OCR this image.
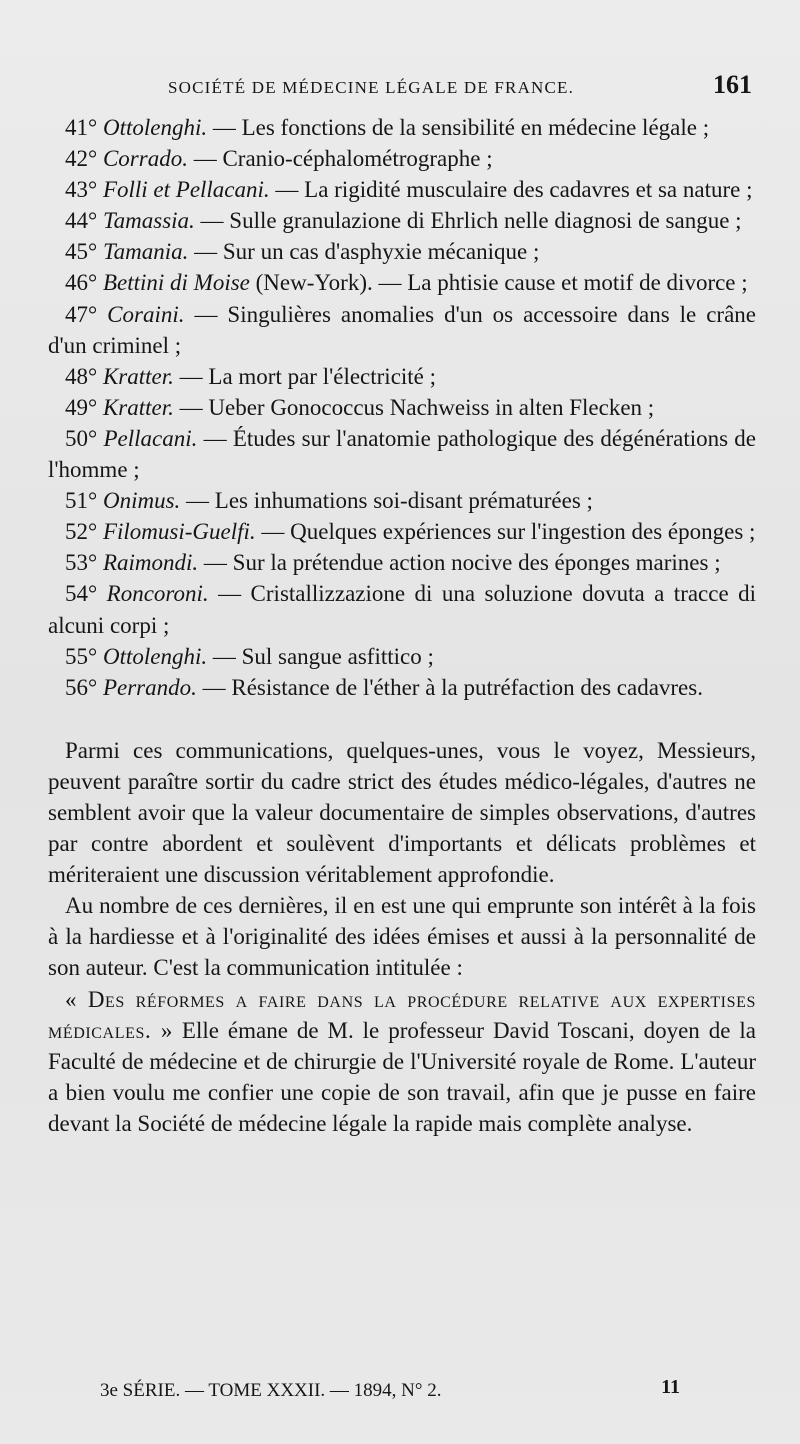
SOCIÉTÉ DE MÉDECINE LÉGALE DE FRANCE.	161
41° Ottolenghi. — Les fonctions de la sensibilité en médecine légale ;
42° Corrado. — Cranio-céphalométrographe ;
43° Folli et Pellacani. — La rigidité musculaire des cadavres et sa nature ;
44° Tamassia. — Sulle granulazione di Ehrlich nelle diagnosi de sangue ;
45° Tamania. — Sur un cas d'asphyxie mécanique ;
46° Bettini di Moise (New-York). — La phtisie cause et motif de divorce ;
47° Coraini. — Singulières anomalies d'un os accessoire dans le crâne d'un criminel ;
48° Kratter. — La mort par l'électricité ;
49° Kratter. — Ueber Gonococcus Nachweiss in alten Flecken ;
50° Pellacani. — Études sur l'anatomie pathologique des dégénérations de l'homme ;
51° Onimus. — Les inhumations soi-disant prématurées ;
52° Filomusi-Guelfi. — Quelques expériences sur l'ingestion des éponges ;
53° Raimondi. — Sur la prétendue action nocive des éponges marines ;
54° Roncoroni. — Cristallizzazione di una soluzione dovuta a tracce di alcuni corpi ;
55° Ottolenghi. — Sul sangue asfittico ;
56° Perrando. — Résistance de l'éther à la putréfaction des cadavres.

Parmi ces communications, quelques-unes, vous le voyez, Messieurs, peuvent paraître sortir du cadre strict des études médico-légales, d'autres ne semblent avoir que la valeur documentaire de simples observations, d'autres par contre abordent et soulèvent d'importants et délicats problèmes et mériteraient une discussion véritablement approfondie.

Au nombre de ces dernières, il en est une qui emprunte son intérêt à la fois à la hardiesse et à l'originalité des idées émises et aussi à la personnalité de son auteur. C'est la communication intitulée :

« Des réformes a faire dans la procédure relative aux expertises médicales. » Elle émane de M. le professeur David Toscani, doyen de la Faculté de médecine et de chirurgie de l'Université royale de Rome. L'auteur a bien voulu me confier une copie de son travail, afin que je pusse en faire devant la Société de médecine légale la rapide mais complète analyse.

3e SÉRIE. — TOME XXXII. — 1894, N° 2.	11
